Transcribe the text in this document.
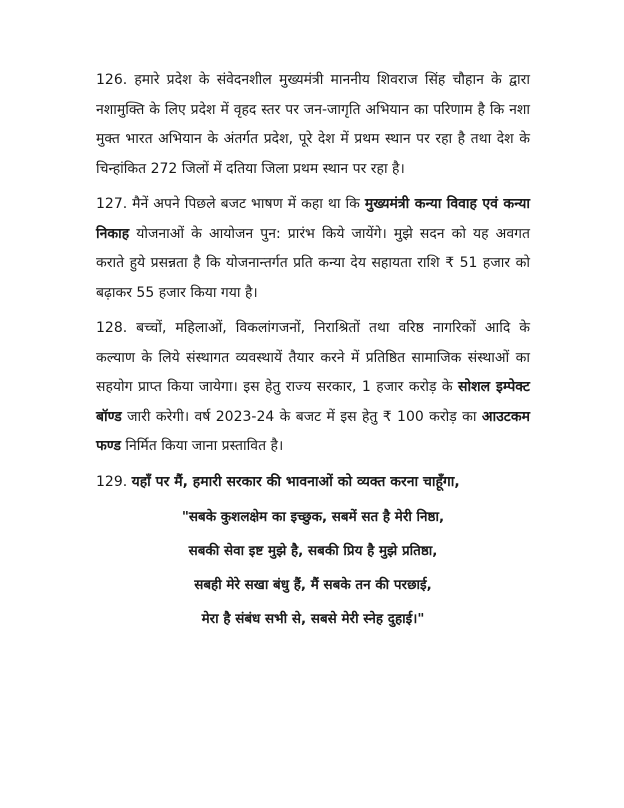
126. हमारे प्रदेश के संवेदनशील मुख्यमंत्री माननीय शिवराज सिंह चौहान के द्वारा नशामुक्ति के लिए प्रदेश में वृहद स्तर पर जन-जागृति अभियान का परिणाम है कि नशा मुक्त भारत अभियान के अंतर्गत प्रदेश, पूरे देश में प्रथम स्थान पर रहा है तथा देश के चिन्हांकित 272 जिलों में दतिया जिला प्रथम स्थान पर रहा है।

127. मैनें अपने पिछले बजट भाषण में कहा था कि मुख्यमंत्री कन्या विवाह एवं कन्या निकाह योजनाओं के आयोजन पुन: प्रारंभ किये जायेंगे। मुझे सदन को यह अवगत कराते हुये प्रसन्नता है कि योजनान्तर्गत प्रति कन्या देय सहायता राशि ₹ 51 हजार को बढ़ाकर 55 हजार किया गया है।

128. बच्चों, महिलाओं, विकलांगजनों, निराश्रितों तथा वरिष्ठ नागरिकों आदि के कल्याण के लिये संस्थागत व्यवस्थायें तैयार करने में प्रतिष्ठित सामाजिक संस्थाओं का सहयोग प्राप्त किया जायेगा। इस हेतु राज्य सरकार, 1 हजार करोड़ के सोशल इम्पेक्ट बॉण्ड जारी करेगी। वर्ष 2023-24 के बजट में इस हेतु ₹ 100 करोड़ का आउटकम फण्ड निर्मित किया जाना प्रस्तावित है।

129. यहाँ पर मैं, हमारी सरकार की भावनाओं को व्यक्त करना चाहूँगा,

"सबके कुशलक्षेम का इच्छुक, सबमें सत है मेरी निष्ठा,
सबकी सेवा इष्ट मुझे है, सबकी प्रिय है मुझे प्रतिष्ठा,
सबही मेरे सखा बंधु हैं, मैं सबके तन की परछाई,
मेरा है संबंध सभी से, सबसे मेरी स्नेह दुहाई।"
